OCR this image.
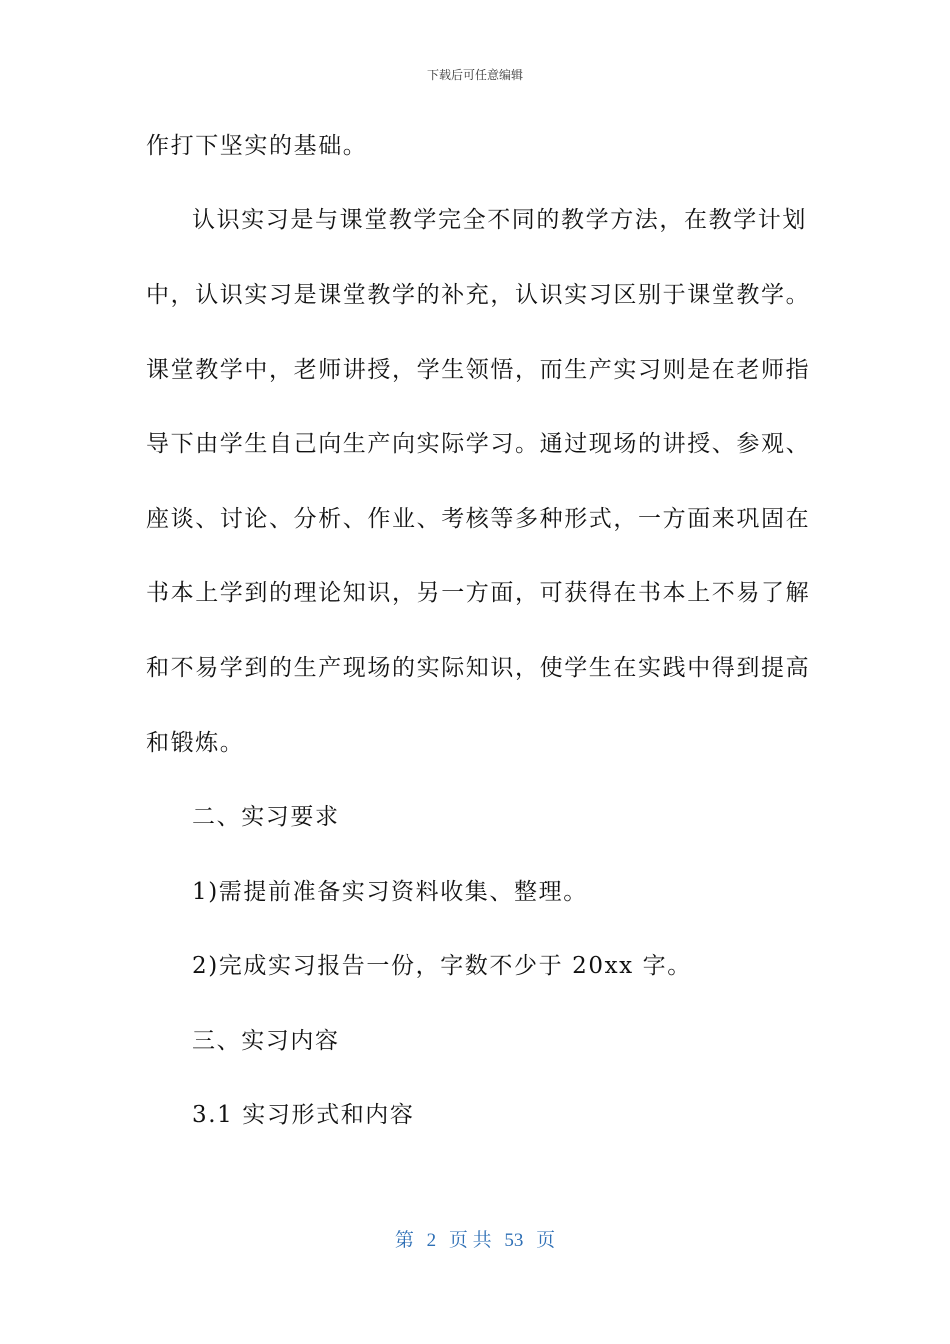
下载后可任意编辑
作打下坚实的基础。
认识实习是与课堂教学完全不同的教学方法，在教学计划
中，认识实习是课堂教学的补充，认识实习区别于课堂教学。
课堂教学中，老师讲授，学生领悟，而生产实习则是在老师指
导下由学生自己向生产向实际学习。通过现场的讲授、参观、
座谈、讨论、分析、作业、考核等多种形式，一方面来巩固在
书本上学到的理论知识，另一方面，可获得在书本上不易了解
和不易学到的生产现场的实际知识，使学生在实践中得到提高
和锻炼。
二、实习要求
1)需提前准备实习资料收集、整理。
2)完成实习报告一份，字数不少于 20xx 字。
三、实习内容
3.1 实习形式和内容
第 2 页 共 53 页
